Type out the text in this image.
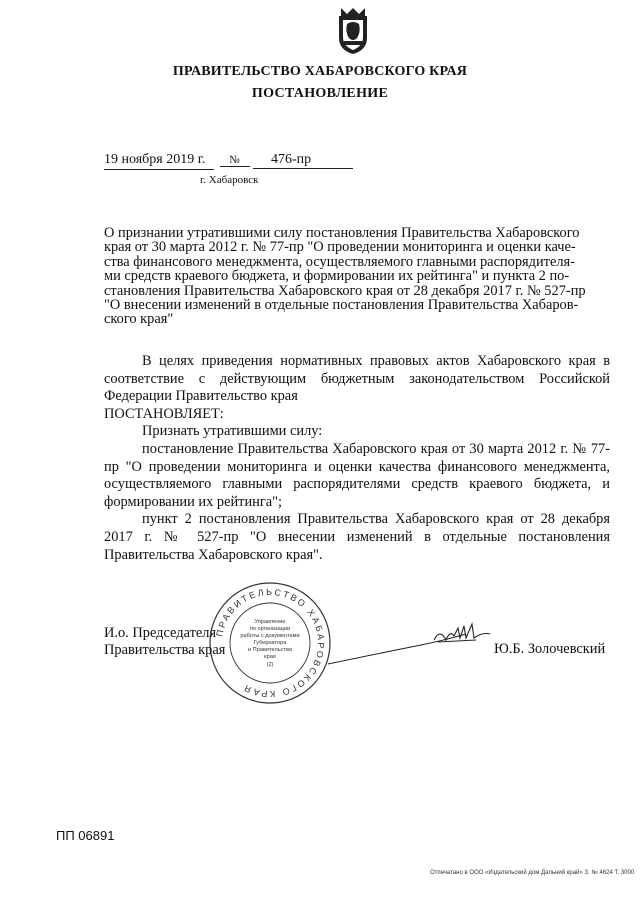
ПРАВИТЕЛЬСТВО ХАБАРОВСКОГО КРАЯ
ПОСТАНОВЛЕНИЕ
19 ноября 2019 г. № 476-пр
г. Хабаровск
О признании утратившими силу постановления Правительства Хабаровского
края от 30 марта 2012 г. № 77-пр "О проведении мониторинга и оценки каче-
ства финансового менеджмента, осуществляемого главными распорядителя-
ми средств краевого бюджета, и формировании их рейтинга" и пункта 2 по-
становления Правительства Хабаровского края от 28 декабря 2017 г. № 527-пр
"О внесении изменений в отдельные постановления Правительства Хабаров-
ского края"
В целях приведения нормативных правовых актов Хабаровского края в соответствие с действующим бюджетным законодательством Российской Федерации Правительство края
ПОСТАНОВЛЯЕТ:
Признать утратившими силу:
постановление Правительства Хабаровского края от 30 марта 2012 г. № 77-пр "О проведении мониторинга и оценки качества финансового менеджмента, осуществляемого главными распорядителями средств краевого бюджета, и формировании их рейтинга";
пункт 2 постановления Правительства Хабаровского края от 28 декабря 2017 г. № 527-пр "О внесении изменений в отдельные постановления Правительства Хабаровского края".
ПРАВИТЕЛЬСТВО ХАБАРОВСКОГО КРАЯ
Управление
по организации
работы с документами
Губернатора
и Правительства
края
(2)
И.о. Председателя
Правительства края	Ю.Б. Золочевский
ПП 06891
Отпечатано в ООО «Издательский дом Дальний край» З. № 4624 Т. 3000
